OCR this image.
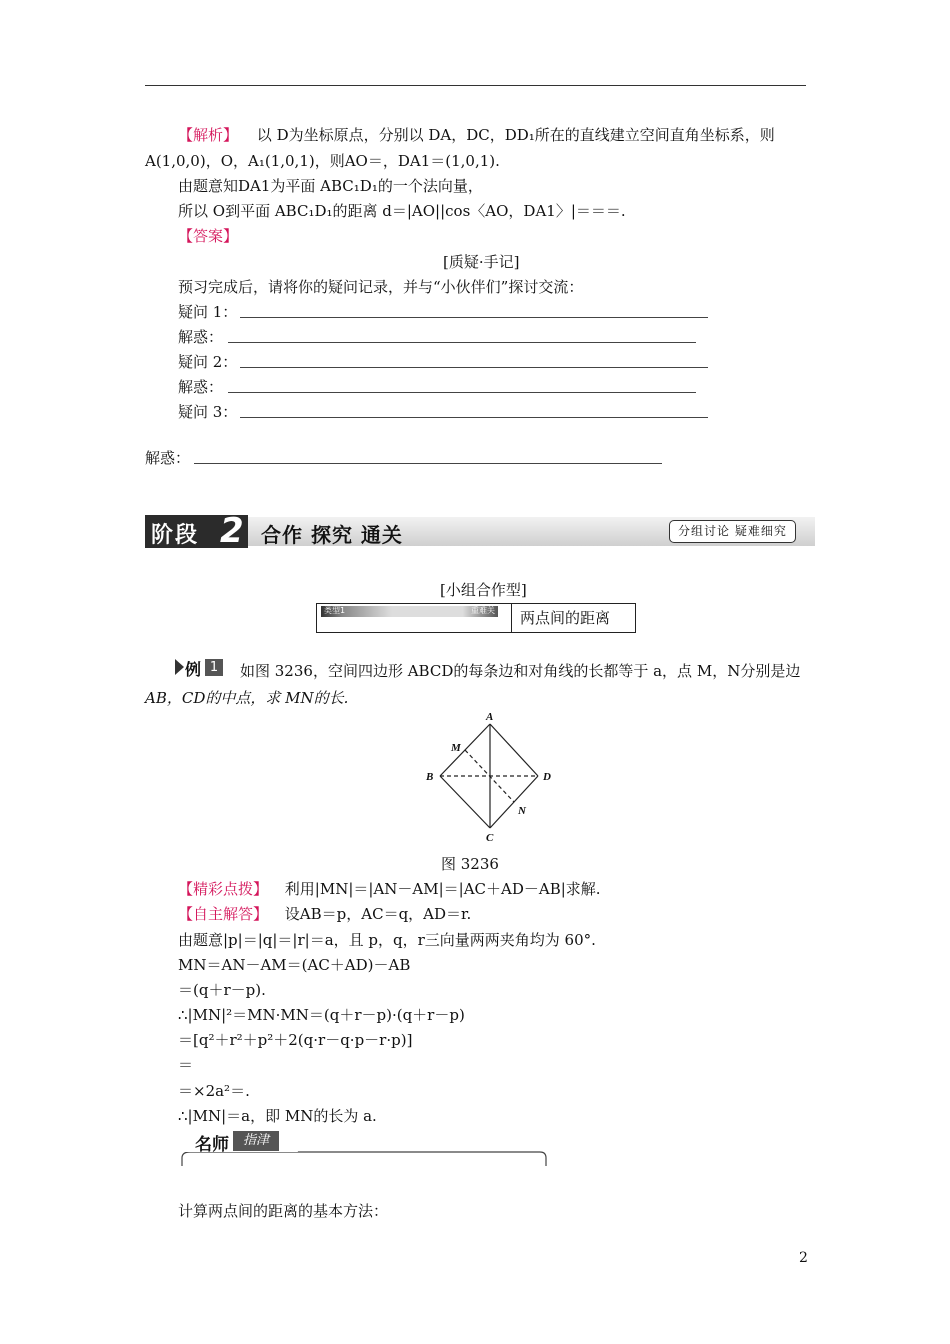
【解析】 以 D为坐标原点，分别以 DA，DC，DD₁所在的直线建立空间直角坐标系，则
A(1,0,0)，O，A₁(1,0,1)，则AO＝，DA1＝(1,0,1).
由题意知DA1为平面 ABC₁D₁的一个法向量，
所以 O到平面 ABC₁D₁的距离 d＝|AO||cos〈AO，DA1〉|＝＝＝.
【答案】
[质疑·手记]
预习完成后，请将你的疑问记录，并与“小伙伴们”探讨交流：
疑问 1：
解惑：
疑问 2：
解惑：
疑问 3：
解惑：
阶段 2 合作 探究 通关	分组讨论 疑难细究
[小组合作型]
类型1	重难关 两点间的距离
例 1	如图 3236，空间四边形 ABCD的每条边和对角线的长都等于 a，点 M，N分别是边
AB，CD的中点，求 MN的长.
A
B
C
D
M
N
图 3236
【精彩点拨】 利用|MN|＝|AN－AM|＝|AC＋AD－AB|求解.
【自主解答】 设AB＝p，AC＝q，AD＝r.
由题意|p|＝|q|＝|r|＝a，且 p，q，r三向量两两夹角均为 60°.
MN＝AN－AM＝(AC＋AD)－AB
＝(q＋r－p).
∴|MN|²＝MN·MN＝(q＋r－p)·(q＋r－p)
＝[q²＋r²＋p²＋2(q·r－q·p－r·p)]
＝
＝×2a²＝.
∴|MN|＝a，即 MN的长为 a.
名师	指津
计算两点间的距离的基本方法：
2
